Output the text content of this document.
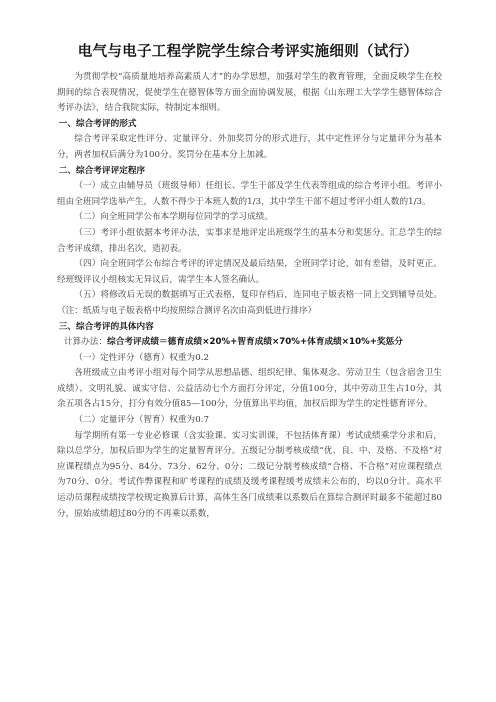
电气与电子工程学院学生综合考评实施细则（试行）

为贯彻学校“高质量地培养高素质人才”的办学思想，加强对学生的教育管理，全面反映学生在校期间的综合表现情况，促使学生在德智体等方面全面协调发展，根据《山东理工大学学生德智体综合考评办法》，结合我院实际，特制定本细则。

一、综合考评的形式

综合考评采取定性评分、定量评分、外加奖罚分的形式进行，其中定性评分与定量评分为基本分，两者加权后满分为100分。奖罚分在基本分上加减。

二、综合考评评定程序

（一）成立由辅导员（班级导师）任组长、学生干部及学生代表等组成的综合考评小组。考评小组由全班同学选举产生，人数不得少于本班人数的1/3，其中学生干部不超过考评小组人数的1/3。

（二）向全班同学公布本学期每位同学的学习成绩。

（三）考评小组依据本考评办法，实事求是地评定出班级学生的基本分和奖惩分。汇总学生的综合考评成绩，排出名次，造初表。

（四）向全班同学公布综合考评的评定情况及最后结果，全班同学讨论，如有差错，及时更正。经班级评议小组核实无异议后，需学生本人签名确认。

（五）将修改后无误的数据填写正式表格，复印存档后，连同电子版表格一同上交到辅导员处。（注：纸质与电子版表格中均按照综合测评名次由高到低进行排序）

三、综合考评的具体内容

计算办法：综合考评成绩＝德育成绩×20%+智育成绩×70%+体育成绩×10%+奖惩分

（一）定性评分（德育）权重为0.2

各班级成立由考评小组对每个同学从思想品德、组织纪律、集体观念、劳动卫生（包含宿舍卫生成绩）、文明礼貌、诚实守信、公益活动七个方面打分评定，分值100分，其中劳动卫生占10分，其余五项各占15分，打分有效分值85—100分，分值算出平均值，加权后即为学生的定性德育评分。

（二）定量评分（智育）权重为0.7

每学期所有第一专业必修课（含实验课、实习实训课，不包括体育课）考试成绩乘学分求和后，除以总学分，加权后即为学生的定量智育评分。五级记分制考核成绩“优、良、中、及格、不及格”对应课程绩点为95分、84分、73分、62分、0分；二级记分制考核成绩“合格、不合格”对应课程绩点为70分、0分。考试作弊课程和旷考课程的成绩及缓考课程缓考成绩未公布的，均以0分计。高水平运动员课程成绩按学校规定换算后计算，高体生各门成绩乘以系数后在算综合测评时最多不能超过80分，原始成绩超过80分的不再乘以系数，
